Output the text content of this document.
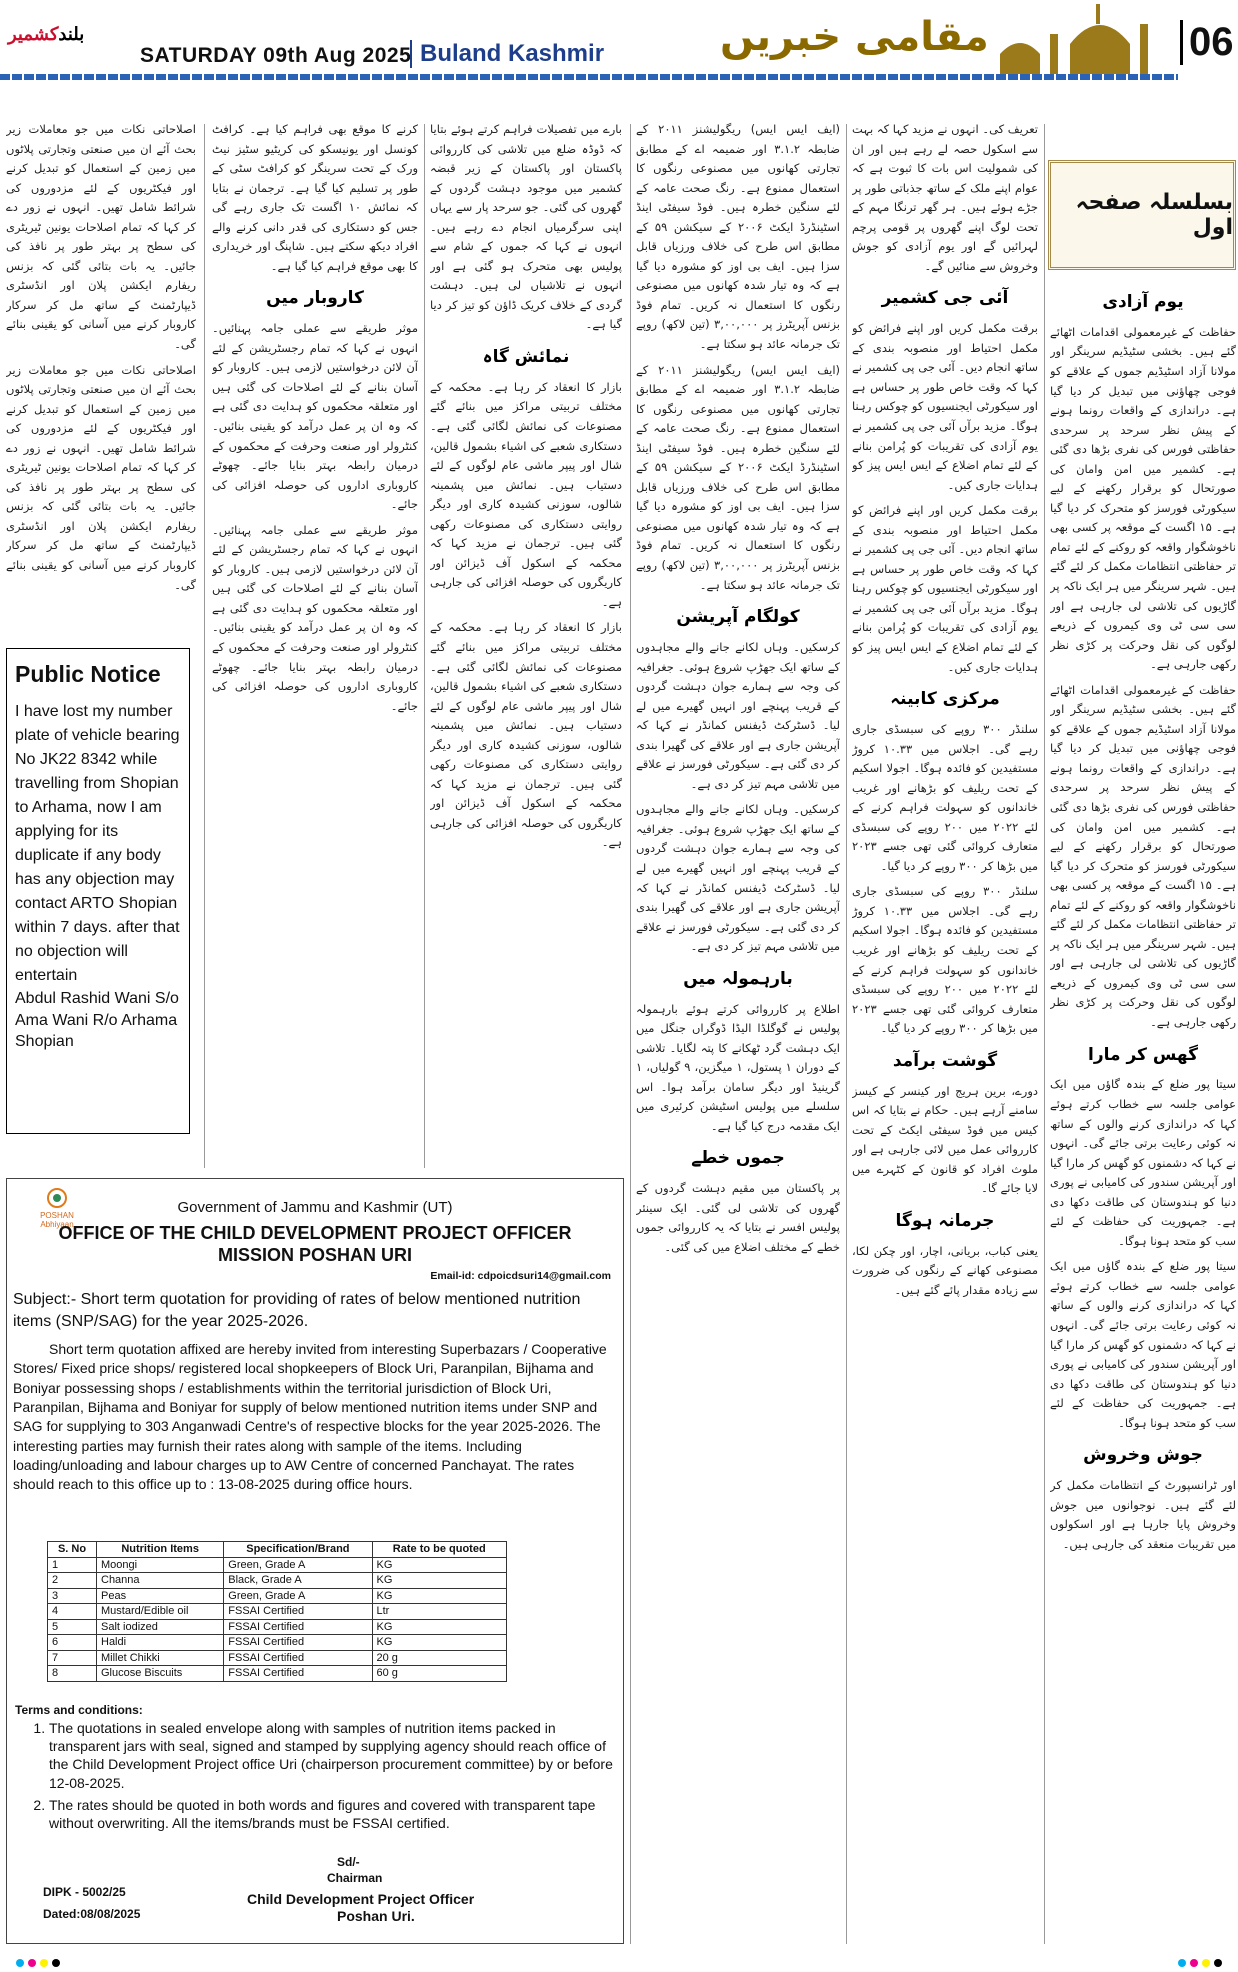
بلندکشمیر
SATURDAY 09th Aug 2025 Buland Kashmir	مقامی خبریں	06
بسلسلہ صفحہ اول
یوم آزادی

حفاظت کے غیرمعمولی اقدامات اٹھائے گئے ہیں۔ بخشی سٹیڈیم سرینگر اور مولانا آزاد اسٹیڈیم جموں کے علاقے کو فوجی چھاؤنی میں تبدیل کر دیا گیا ہے۔ دراندازی کے واقعات رونما ہونے کے پیش نظر سرحد پر سرحدی حفاظتی فورس کی نفری بڑھا دی گئی ہے۔ کشمیر میں امن وامان کی صورتحال کو برقرار رکھنے کے لیے سیکورٹی فورسز کو متحرک کر دیا گیا ہے۔ ۱۵ اگست کے موقعہ پر کسی بھی ناخوشگوار واقعہ کو روکنے کے لئے تمام تر حفاظتی انتظامات مکمل کر لئے گئے ہیں۔ شہر سرینگر میں ہر ایک ناکہ پر گاڑیوں کی تلاشی لی جارہی ہے اور سی سی ٹی وی کیمروں کے ذریعے لوگوں کی نقل وحرکت پر کڑی نظر رکھی جارہی ہے۔

حفاظت کے غیرمعمولی اقدامات اٹھائے گئے ہیں۔ بخشی سٹیڈیم سرینگر اور مولانا آزاد اسٹیڈیم جموں کے علاقے کو فوجی چھاؤنی میں تبدیل کر دیا گیا ہے۔ دراندازی کے واقعات رونما ہونے کے پیش نظر سرحد پر سرحدی حفاظتی فورس کی نفری بڑھا دی گئی ہے۔ کشمیر میں امن وامان کی صورتحال کو برقرار رکھنے کے لیے سیکورٹی فورسز کو متحرک کر دیا گیا ہے۔ ۱۵ اگست کے موقعہ پر کسی بھی ناخوشگوار واقعہ کو روکنے کے لئے تمام تر حفاظتی انتظامات مکمل کر لئے گئے ہیں۔ شہر سرینگر میں ہر ایک ناکہ پر گاڑیوں کی تلاشی لی جارہی ہے اور سی سی ٹی وی کیمروں کے ذریعے لوگوں کی نقل وحرکت پر کڑی نظر رکھی جارہی ہے۔

گھس کر مارا

سیتا پور ضلع کے بندہ گاؤں میں ایک عوامی جلسہ سے خطاب کرتے ہوئے کہا کہ دراندازی کرنے والوں کے ساتھ نہ کوئی رعایت برتی جائے گی۔ انہوں نے کہا کہ دشمنوں کو گھس کر مارا گیا اور آپریشن سندور کی کامیابی نے پوری دنیا کو ہندوستان کی طاقت دکھا دی ہے۔ جمہوریت کی حفاظت کے لئے سب کو متحد ہونا ہوگا۔

سیتا پور ضلع کے بندہ گاؤں میں ایک عوامی جلسہ سے خطاب کرتے ہوئے کہا کہ دراندازی کرنے والوں کے ساتھ نہ کوئی رعایت برتی جائے گی۔ انہوں نے کہا کہ دشمنوں کو گھس کر مارا گیا اور آپریشن سندور کی کامیابی نے پوری دنیا کو ہندوستان کی طاقت دکھا دی ہے۔ جمہوریت کی حفاظت کے لئے سب کو متحد ہونا ہوگا۔

جوش وخروش

اور ٹرانسپورٹ کے انتظامات مکمل کر لئے گئے ہیں۔ نوجوانوں میں جوش وخروش پایا جارہا ہے اور اسکولوں میں تقریبات منعقد کی جارہی ہیں۔

تعریف کی۔ انہوں نے مزید کہا کہ بہت سے اسکول حصہ لے رہے ہیں اور ان کی شمولیت اس بات کا ثبوت ہے کہ عوام اپنے ملک کے ساتھ جذباتی طور پر جڑے ہوئے ہیں۔ ہر گھر ترنگا مہم کے تحت لوگ اپنے گھروں پر قومی پرچم لہرائیں گے اور یوم آزادی کو جوش وخروش سے منائیں گے۔

آئی جی کشمیر

برقت مکمل کریں اور اپنے فرائض کو مکمل احتیاط اور منصوبہ بندی کے ساتھ انجام دیں۔ آئی جی پی کشمیر نے کہا کہ وقت خاص طور پر حساس ہے اور سیکورٹی ایجنسیوں کو چوکس رہنا ہوگا۔ مزید برآں آئی جی پی کشمیر نے یوم آزادی کی تقریبات کو پُرامن بنانے کے لئے تمام اضلاع کے ایس ایس پیز کو ہدایات جاری کیں۔

برقت مکمل کریں اور اپنے فرائض کو مکمل احتیاط اور منصوبہ بندی کے ساتھ انجام دیں۔ آئی جی پی کشمیر نے کہا کہ وقت خاص طور پر حساس ہے اور سیکورٹی ایجنسیوں کو چوکس رہنا ہوگا۔ مزید برآں آئی جی پی کشمیر نے یوم آزادی کی تقریبات کو پُرامن بنانے کے لئے تمام اضلاع کے ایس ایس پیز کو ہدایات جاری کیں۔

مرکزی کابینہ

سلنڈر ۳۰۰ روپے کی سبسڈی جاری رہے گی۔ اجلاس میں ۱۰.۳۳ کروڑ مستفیدین کو فائدہ ہوگا۔ اجولا اسکیم کے تحت ریلیف کو بڑھانے اور غریب خاندانوں کو سہولت فراہم کرنے کے لئے ۲۰۲۲ میں ۲۰۰ روپے کی سبسڈی متعارف کروائی گئی تھی جسے ۲۰۲۳ میں بڑھا کر ۳۰۰ روپے کر دیا گیا۔

سلنڈر ۳۰۰ روپے کی سبسڈی جاری رہے گی۔ اجلاس میں ۱۰.۳۳ کروڑ مستفیدین کو فائدہ ہوگا۔ اجولا اسکیم کے تحت ریلیف کو بڑھانے اور غریب خاندانوں کو سہولت فراہم کرنے کے لئے ۲۰۲۲ میں ۲۰۰ روپے کی سبسڈی متعارف کروائی گئی تھی جسے ۲۰۲۳ میں بڑھا کر ۳۰۰ روپے کر دیا گیا۔

گوشت برآمد

دورے، برین ہریج اور کینسر کے کیسز سامنے آرہے ہیں۔ حکام نے بتایا کہ اس کیس میں فوڈ سیفٹی ایکٹ کے تحت کارروائی عمل میں لائی جارہی ہے اور ملوث افراد کو قانون کے کٹہرے میں لایا جائے گا۔

جرمانہ ہوگا

یعنی کباب، بریانی، اچار، اور چکن لکا، مصنوعی کھانے کے رنگوں کی ضرورت سے زیادہ مقدار پائے گئے ہیں۔

(ایف ایس ایس) ریگولیشنز ۲۰۱۱ کے ضابطہ ۳.۱.۲ اور ضمیمہ اے کے مطابق تجارتی کھانوں میں مصنوعی رنگوں کا استعمال ممنوع ہے۔ رنگ صحت عامہ کے لئے سنگین خطرہ ہیں۔ فوڈ سیفٹی اینڈ اسٹینڈرڈ ایکٹ ۲۰۰۶ کے سیکشن ۵۹ کے مطابق اس طرح کی خلاف ورزیاں قابل سزا ہیں۔ ایف بی اوز کو مشورہ دیا گیا ہے کہ وہ تیار شدہ کھانوں میں مصنوعی رنگوں کا استعمال نہ کریں۔ تمام فوڈ بزنس آپریٹرز پر ۳,۰۰,۰۰۰ (تین لاکھ) روپے تک جرمانہ عائد ہو سکتا ہے۔

(ایف ایس ایس) ریگولیشنز ۲۰۱۱ کے ضابطہ ۳.۱.۲ اور ضمیمہ اے کے مطابق تجارتی کھانوں میں مصنوعی رنگوں کا استعمال ممنوع ہے۔ رنگ صحت عامہ کے لئے سنگین خطرہ ہیں۔ فوڈ سیفٹی اینڈ اسٹینڈرڈ ایکٹ ۲۰۰۶ کے سیکشن ۵۹ کے مطابق اس طرح کی خلاف ورزیاں قابل سزا ہیں۔ ایف بی اوز کو مشورہ دیا گیا ہے کہ وہ تیار شدہ کھانوں میں مصنوعی رنگوں کا استعمال نہ کریں۔ تمام فوڈ بزنس آپریٹرز پر ۳,۰۰,۰۰۰ (تین لاکھ) روپے تک جرمانہ عائد ہو سکتا ہے۔

کولگام آپریشن

کرسکیں۔ وہاں لکانے جانے والے مجاہدوں کے ساتھ ایک جھڑپ شروع ہوئی۔ جغرافیہ کی وجہ سے ہمارے جوان دہشت گردوں کے قریب پہنچے اور انہیں گھیرے میں لے لیا۔ ڈسٹرکٹ ڈیفنس کمانڈر نے کہا کہ آپریشن جاری ہے اور علاقے کی گھیرا بندی کر دی گئی ہے۔ سیکورٹی فورسز نے علاقے میں تلاشی مہم تیز کر دی ہے۔

کرسکیں۔ وہاں لکانے جانے والے مجاہدوں کے ساتھ ایک جھڑپ شروع ہوئی۔ جغرافیہ کی وجہ سے ہمارے جوان دہشت گردوں کے قریب پہنچے اور انہیں گھیرے میں لے لیا۔ ڈسٹرکٹ ڈیفنس کمانڈر نے کہا کہ آپریشن جاری ہے اور علاقے کی گھیرا بندی کر دی گئی ہے۔ سیکورٹی فورسز نے علاقے میں تلاشی مہم تیز کر دی ہے۔

بارہمولہ میں

اطلاع پر کارروائی کرتے ہوئے بارہمولہ پولیس نے گوگلڈا الیڈا ڈوگراں جنگل میں ایک دہشت گرد ٹھکانے کا پتہ لگایا۔ تلاشی کے دوران ۱ پستول، ۱ میگزین، ۹ گولیاں، ۱ گرینیڈ اور دیگر سامان برآمد ہوا۔ اس سلسلے میں پولیس اسٹیشن کرئیری میں ایک مقدمہ درج کیا گیا ہے۔

جموں خطے

پر پاکستان میں مقیم دہشت گردوں کے گھروں کی تلاشی لی گئی۔ ایک سینئر پولیس افسر نے بتایا کہ یہ کارروائی جموں خطے کے مختلف اضلاع میں کی گئی۔

بارے میں تفصیلات فراہم کرتے ہوئے بتایا کہ ڈوڈہ ضلع میں تلاشی کی کارروائی پاکستان اور پاکستان کے زیر قبضہ کشمیر میں موجود دہشت گردوں کے گھروں کی گئی۔ جو سرحد پار سے یہاں اپنی سرگرمیاں انجام دے رہے ہیں۔ انہوں نے کہا کہ جموں کے شام سے پولیس بھی متحرک ہو گئی ہے اور انہوں نے تلاشیاں لی ہیں۔ دہشت گردی کے خلاف کریک ڈاؤن کو تیز کر دیا گیا ہے۔

نمائش گاہ

بازار کا انعقاد کر رہا ہے۔ محکمہ کے مختلف تربیتی مراکز میں بنائے گئے مصنوعات کی نمائش لگائی گئی ہے۔ دستکاری شعبے کی اشیاء بشمول قالین، شال اور پیپر ماشی عام لوگوں کے لئے دستیاب ہیں۔ نمائش میں پشمینہ شالوں، سوزنی کشیدہ کاری اور دیگر روایتی دستکاری کی مصنوعات رکھی گئی ہیں۔ ترجمان نے مزید کہا کہ محکمہ کے اسکول آف ڈیزائن اور کاریگروں کی حوصلہ افزائی کی جارہی ہے۔

بازار کا انعقاد کر رہا ہے۔ محکمہ کے مختلف تربیتی مراکز میں بنائے گئے مصنوعات کی نمائش لگائی گئی ہے۔ دستکاری شعبے کی اشیاء بشمول قالین، شال اور پیپر ماشی عام لوگوں کے لئے دستیاب ہیں۔ نمائش میں پشمینہ شالوں، سوزنی کشیدہ کاری اور دیگر روایتی دستکاری کی مصنوعات رکھی گئی ہیں۔ ترجمان نے مزید کہا کہ محکمہ کے اسکول آف ڈیزائن اور کاریگروں کی حوصلہ افزائی کی جارہی ہے۔

کرنے کا موقع بھی فراہم کیا ہے۔ کرافٹ کونسل اور یونیسکو کی کریٹیو سٹیز نیٹ ورک کے تحت سرینگر کو کرافٹ سٹی کے طور پر تسلیم کیا گیا ہے۔ ترجمان نے بتایا کہ نمائش ۱۰ اگست تک جاری رہے گی جس کو دستکاری کی قدر دانی کرنے والے افراد دیکھ سکتے ہیں۔ شاپنگ اور خریداری کا بھی موقع فراہم کیا گیا ہے۔

کاروبار میں

موثر طریقے سے عملی جامہ پہنائیں۔ انہوں نے کہا کہ تمام رجسٹریشن کے لئے آن لائن درخواستیں لازمی ہیں۔ کاروبار کو آسان بنانے کے لئے اصلاحات کی گئی ہیں اور متعلقہ محکموں کو ہدایت دی گئی ہے کہ وہ ان پر عمل درآمد کو یقینی بنائیں۔ کنٹرولر اور صنعت وحرفت کے محکموں کے درمیان رابطہ بہتر بنایا جائے۔ چھوٹے کاروباری اداروں کی حوصلہ افزائی کی جائے۔

موثر طریقے سے عملی جامہ پہنائیں۔ انہوں نے کہا کہ تمام رجسٹریشن کے لئے آن لائن درخواستیں لازمی ہیں۔ کاروبار کو آسان بنانے کے لئے اصلاحات کی گئی ہیں اور متعلقہ محکموں کو ہدایت دی گئی ہے کہ وہ ان پر عمل درآمد کو یقینی بنائیں۔ کنٹرولر اور صنعت وحرفت کے محکموں کے درمیان رابطہ بہتر بنایا جائے۔ چھوٹے کاروباری اداروں کی حوصلہ افزائی کی جائے۔

اصلاحاتی نکات میں جو معاملات زیر بحث آئے ان میں صنعتی وتجارتی پلاٹوں میں زمین کے استعمال کو تبدیل کرنے اور فیکٹریوں کے لئے مزدوروں کی شرائط شامل تھیں۔ انہوں نے زور دے کر کہا کہ تمام اصلاحات یونین ٹیریٹری کی سطح پر بہتر طور پر نافذ کی جائیں۔ یہ بات بتائی گئی کہ بزنس ریفارم ایکشن پلان اور انڈسٹری ڈیپارٹمنٹ کے ساتھ مل کر سرکار کاروبار کرنے میں آسانی کو یقینی بنائے گی۔

اصلاحاتی نکات میں جو معاملات زیر بحث آئے ان میں صنعتی وتجارتی پلاٹوں میں زمین کے استعمال کو تبدیل کرنے اور فیکٹریوں کے لئے مزدوروں کی شرائط شامل تھیں۔ انہوں نے زور دے کر کہا کہ تمام اصلاحات یونین ٹیریٹری کی سطح پر بہتر طور پر نافذ کی جائیں۔ یہ بات بتائی گئی کہ بزنس ریفارم ایکشن پلان اور انڈسٹری ڈیپارٹمنٹ کے ساتھ مل کر سرکار کاروبار کرنے میں آسانی کو یقینی بنائے گی۔

Public Notice
I have lost my number plate of vehicle bearing No JK22 8342 while travelling from Shopian to Arhama, now I am applying for its duplicate if any body has any objection may contact ARTO Shopian within 7 days. after that no objection will entertain
Abdul Rashid Wani S/o Ama Wani R/o Arhama Shopian
POSHAN Abhiyaan
Government of Jammu and Kashmir (UT)
OFFICE OF THE CHILD DEVELOPMENT PROJECT OFFICER
MISSION POSHAN URI
Email-id: cdpoicdsuri14@gmail.com
Subject:- Short term quotation for providing of rates of below mentioned nutrition items (SNP/SAG) for the year 2025-2026.
Short term quotation affixed are hereby invited from interesting Superbazars / Cooperative Stores/ Fixed price shops/ registered local shopkeepers of Block Uri, Paranpilan, Bijhama and Boniyar possessing shops / establishments within the territorial jurisdiction of Block Uri, Paranpilan, Bijhama and Boniyar for supply of below mentioned nutrition items under SNP and SAG for supplying to 303 Anganwadi Centre's of respective blocks for the year 2025-2026. The interesting parties may furnish their rates along with sample of the items. Including loading/unloading and labour charges up to AW Centre of concerned Panchayat. The rates should reach to this office up to : 13-08-2025 during office hours.
S. No	Nutrition Items	Specification/Brand	Rate to be quoted
1	Moongi	Green, Grade A	KG
2	Channa	Black, Grade A	KG
3	Peas	Green, Grade A	KG
4	Mustard/Edible oil	FSSAI Certified	Ltr
5	Salt iodized	FSSAI Certified	KG
6	Haldi	FSSAI Certified	KG
7	Millet Chikki	FSSAI Certified	20 g
8	Glucose Biscuits	FSSAI Certified	60 g
Terms and conditions:
1. The quotations in sealed envelope along with samples of nutrition items packed in transparent jars with seal, signed and stamped by supplying agency should reach office of the Child Development Project office Uri (chairperson procurement committee) by or before 12-08-2025.
2. The rates should be quoted in both words and figures and covered with transparent tape without overwriting. All the items/brands must be FSSAI certified.
Sd/-
Chairman
DIPK - 5002/25	Child Development Project Officer
Dated:08/08/2025	Poshan Uri.
